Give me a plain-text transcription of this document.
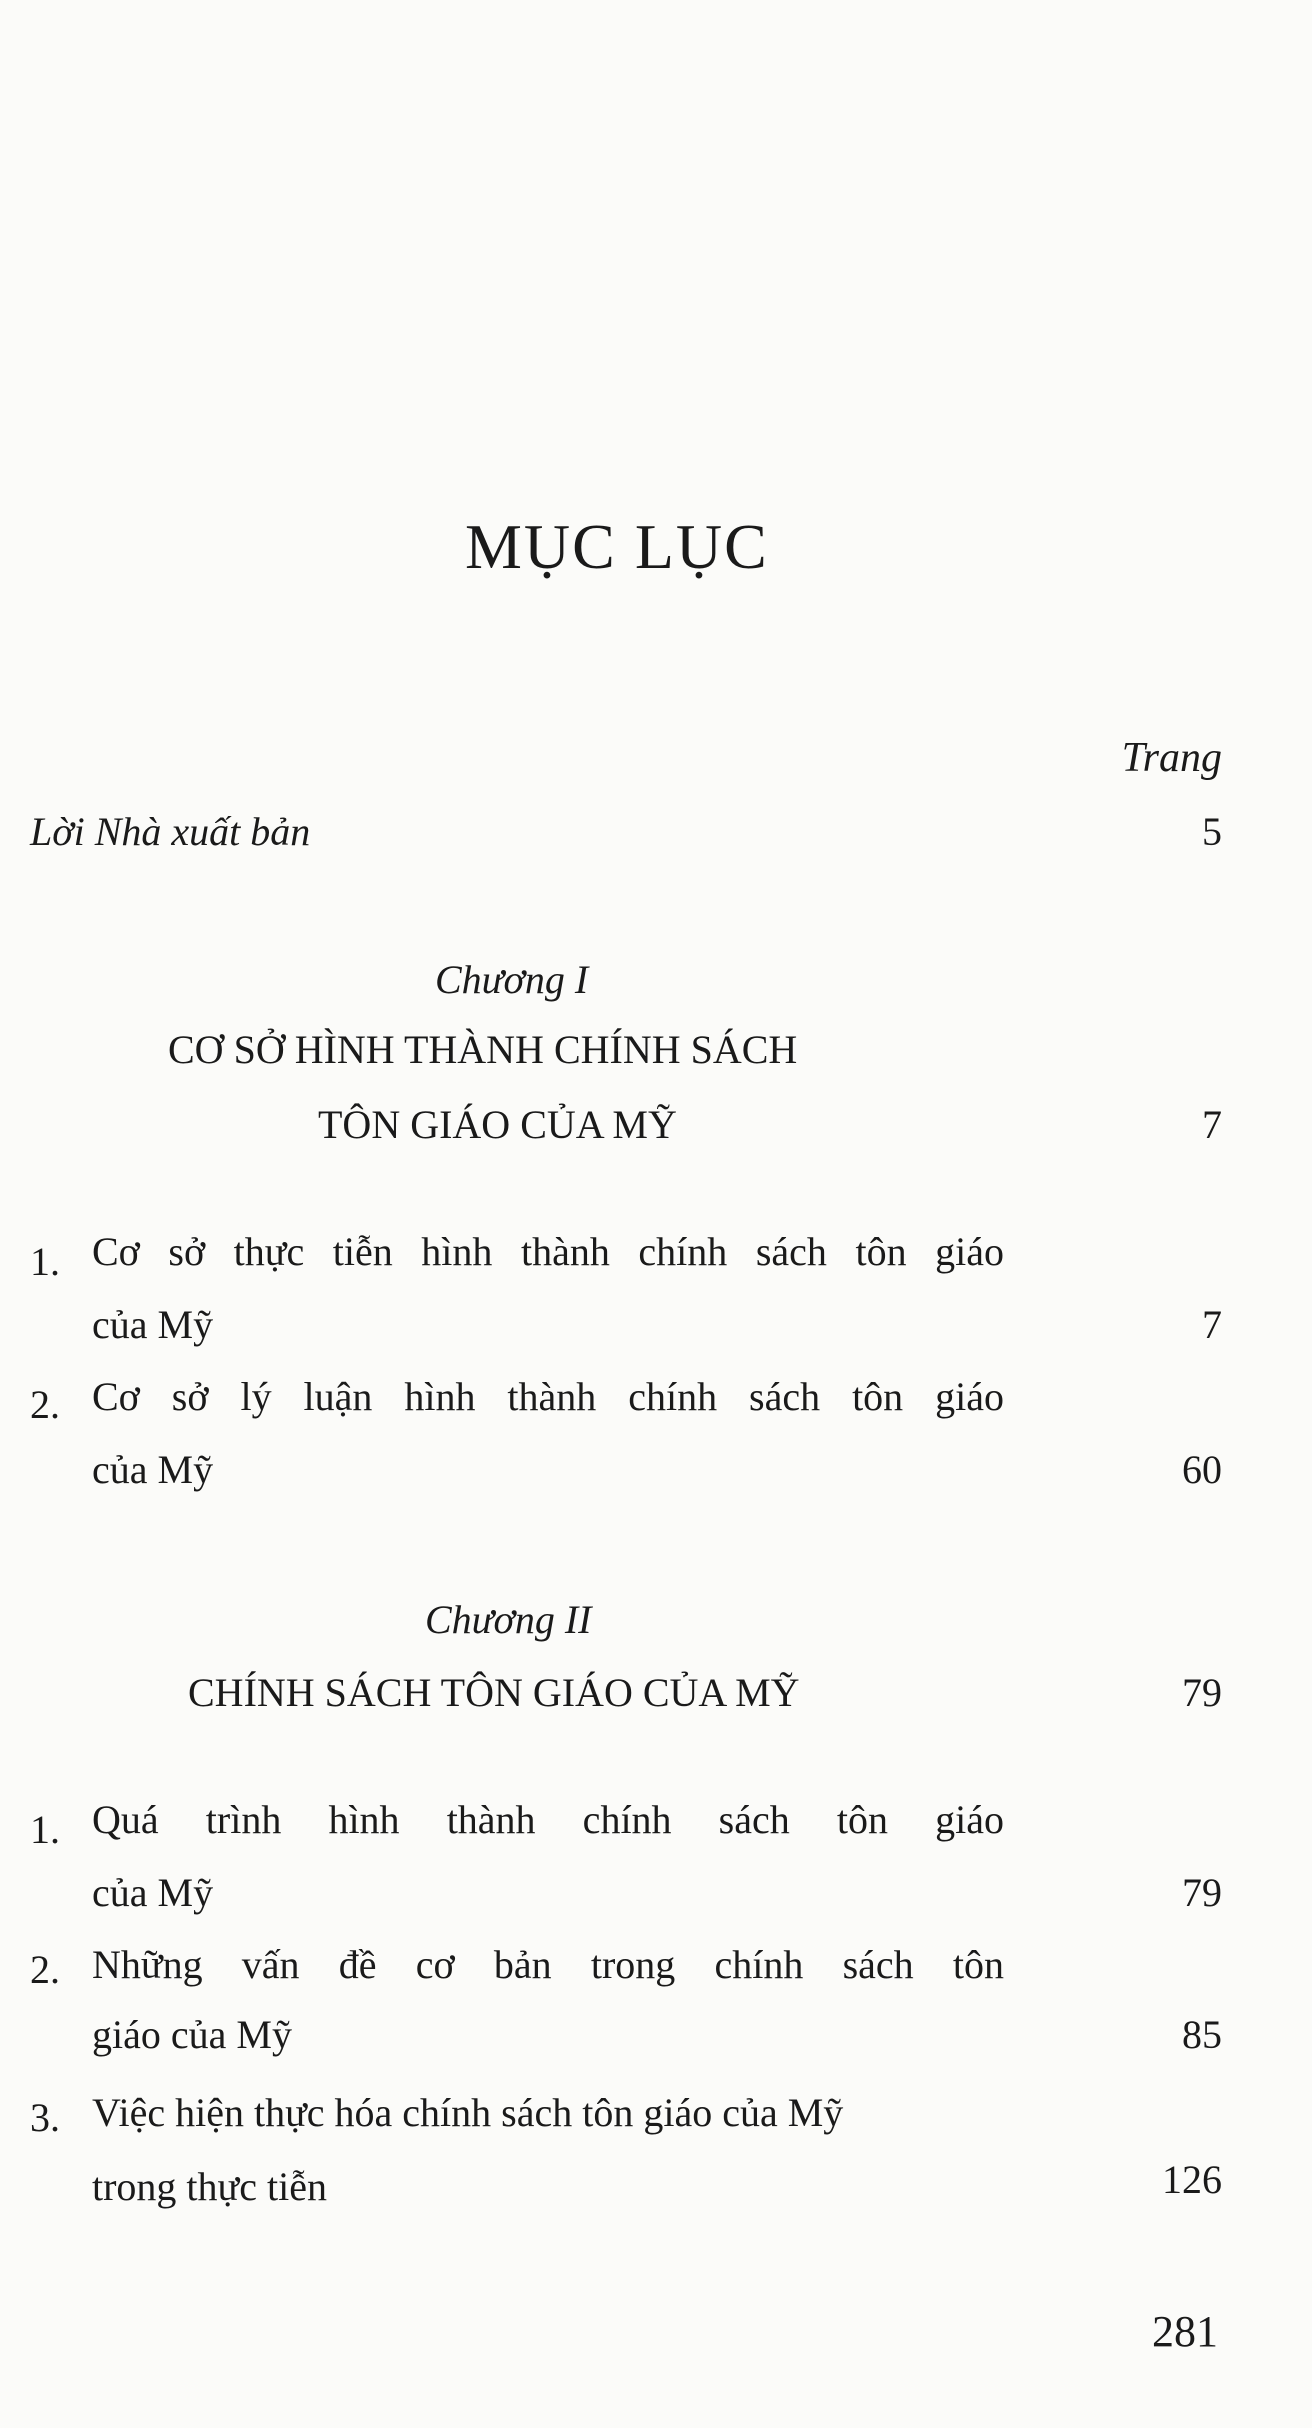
MỤC LỤC
Trang
Lời Nhà xuất bản	5
Chương I
CƠ SỞ HÌNH THÀNH CHÍNH SÁCH
TÔN GIÁO CỦA MỸ	7
1. Cơ sở thực tiễn hình thành chính sách tôn giáo
của Mỹ	7
2. Cơ sở lý luận hình thành chính sách tôn giáo
của Mỹ	60
Chương II
CHÍNH SÁCH TÔN GIÁO CỦA MỸ	79
1. Quá trình hình thành chính sách tôn giáo
của Mỹ	79
2. Những vấn đề cơ bản trong chính sách tôn
giáo của Mỹ	85
3. Việc hiện thực hóa chính sách tôn giáo của Mỹ
trong thực tiễn	126
281
